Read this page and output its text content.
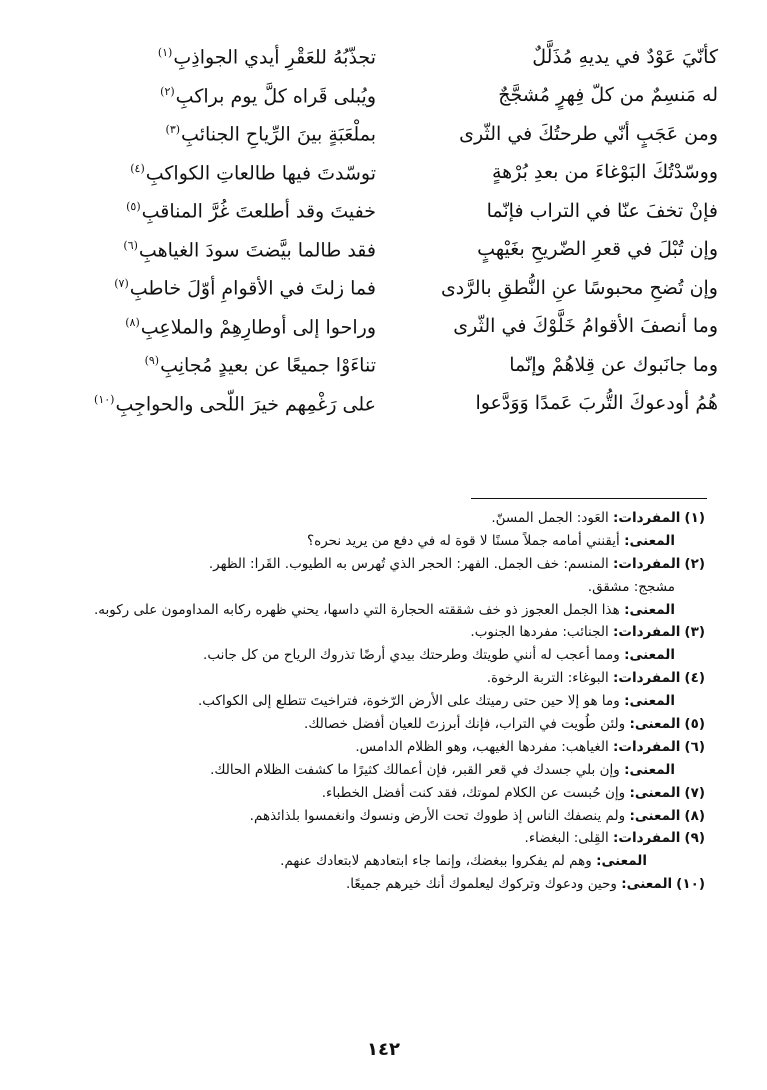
كأنّيَ عَوْدٌ في يديهِ مُذَلَّلٌ
تجذّبُهُ للعَقْرِ أيدي الجواذِبِ$^{(١)}$
له مَنسِمٌ من كلّ فِهرٍ مُشجَّجٌ
ويُبلى قَراه كلَّ يوم براكبِ$^{(٢)}$
ومن عَجَبٍ أنّي طرحتُكَ في الثّرى
بملْعَبَةٍ بينَ الرِّياحِ الجنائبِ$^{(٣)}$
ووسّدْتُكَ البَوْغاءَ من بعدِ بُرْهةٍ
توسّدتَ فيها طالعاتِ الكواكبِ$^{(٤)}$
فإنْ تخفَ عنّا في التراب فإنّما
خفيتَ وقد أطلعتَ غُرَّ المناقبِ$^{(٥)}$
وإن تُبْلَ في قعرِ الضّريحِ بغَيْهبٍ
فقد طالما بيَّضتَ سودَ الغياهبِ$^{(٦)}$
وإن تُضحِ محبوسًا عنِ النُّطقِ بالرَّدى
فما زلتَ في الأقوامِ أوّلَ خاطبِ$^{(٧)}$
وما أنصفَ الأقوامُ خَلَّوْكَ في الثّرى
وراحوا إلى أوطارِهِمْ والملاعِبِ$^{(٨)}$
وما جانَبوك عن قِلاهُمْ وإنّما
تناءَوْا جميعًا عن بعيدٍ مُجانِبِ$^{(٩)}$
هُمُ أودعوكَ التُّربَ عَمدًا وَوَدَّعوا
على رَغْمِهم خيرَ اللّحى والحواجِبِ$^{(١٠)}$

(١)المفردات: العَود: الجمل المسنّ.

المعنى: أيقنني أمامه جملاً مسنًا لا قوة له في دفع من يريد نحره؟

(٢)المفردات: المنسم: خف الجمل. الفهر: الحجر الذي تُهرس به الطيوب. القَرا: الظهر.

مشجج: مشقق.

المعنى: هذا الجمل العجوز ذو خف شققته الحجارة التي داسها، يحني ظهره ركابه المداومون على ركوبه.

(٣)المفردات: الجنائب: مفردها الجنوب.

المعنى: ومما أعجب له أنني طويتك وطرحتك بيدي أرضًا تذروك الرياح من كل جانب.

(٤)المفردات: البوغاء: التربة الرخوة.

المعنى: وما هو إلا حين حتى رميتك على الأرض الرّخوة، فتراخيتَ تتطلع إلى الكواكب.

(٥)المعنى: ولئن طُويت في التراب، فإنك أبرزتَ للعيان أفضل خصالك.

(٦)المفردات: الغياهب: مفردها الغيهب، وهو الظلام الدامس.

المعنى: وإن بلي جسدك في قعر القبر، فإن أعمالك كثيرًا ما كشفت الظلام الحالك.

(٧)المعنى: وإن حُبست عن الكلام لموتك، فقد كنت أفضل الخطباء.

(٨)المعنى: ولم ينصفك الناس إذ طووك تحت الأرض ونسوك وانغمسوا بلذائذهم.

(٩)المفردات: القِلى: البغضاء.

المعنى: وهم لم يفكروا ببغضك، وإنما جاء ابتعادهم لابتعادك عنهم.

(١٠)المعنى: وحين ودعوك وتركوك ليعلموك أنك خيرهم جميعًا.

١٤٢
